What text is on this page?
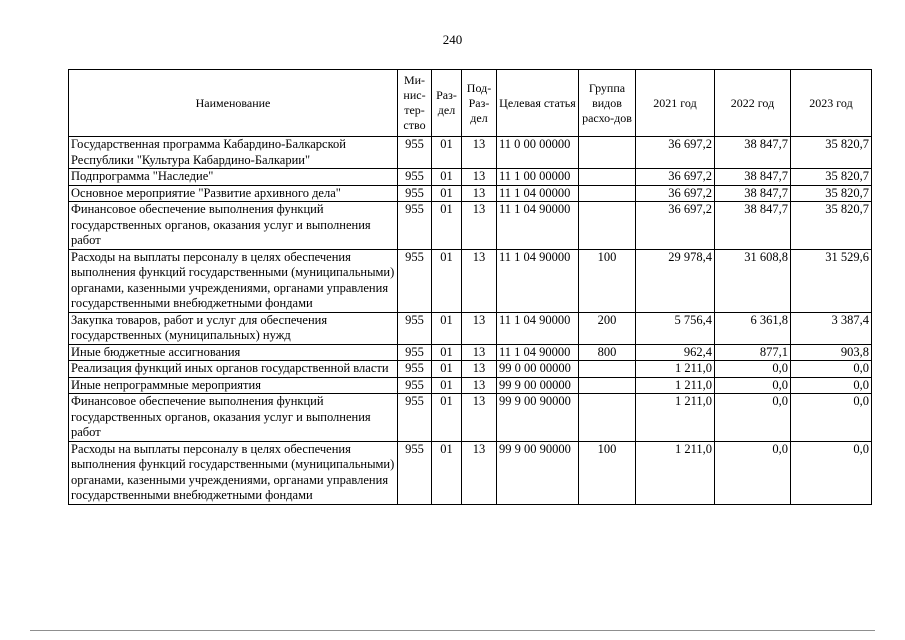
240
Наименование	Ми-нис-тер-ство	Раз-дел	Под-Раз-дел	Целевая статья	Группа видов расхо-дов	2021 год	2022 год	2023 год
Государственная программа Кабардино-Балкарской Республики "Культура Кабардино-Балкарии"	955	01	13	11 0 00 00000		36 697,2	38 847,7	35 820,7
Подпрограмма "Наследие"	955	01	13	11 1 00 00000		36 697,2	38 847,7	35 820,7
Основное мероприятие "Развитие архивного дела"	955	01	13	11 1 04 00000		36 697,2	38 847,7	35 820,7
Финансовое обеспечение выполнения функций государственных органов, оказания услуг и выполнения работ	955	01	13	11 1 04 90000		36 697,2	38 847,7	35 820,7
Расходы на выплаты персоналу в целях обеспечения выполнения функций государственными (муниципальными) органами, казенными учреждениями, органами управления государственными внебюджетными фондами	955	01	13	11 1 04 90000	100	29 978,4	31 608,8	31 529,6
Закупка товаров, работ и услуг для обеспечения государственных (муниципальных) нужд	955	01	13	11 1 04 90000	200	5 756,4	6 361,8	3 387,4
Иные бюджетные ассигнования	955	01	13	11 1 04 90000	800	962,4	877,1	903,8
Реализация функций иных органов государственной власти	955	01	13	99 0 00 00000		1 211,0	0,0	0,0
Иные непрограммные мероприятия	955	01	13	99 9 00 00000		1 211,0	0,0	0,0
Финансовое обеспечение выполнения функций государственных органов, оказания услуг и выполнения работ	955	01	13	99 9 00 90000		1 211,0	0,0	0,0
Расходы на выплаты персоналу в целях обеспечения выполнения функций государственными (муниципальными) органами, казенными учреждениями, органами управления государственными внебюджетными фондами	955	01	13	99 9 00 90000	100	1 211,0	0,0	0,0
